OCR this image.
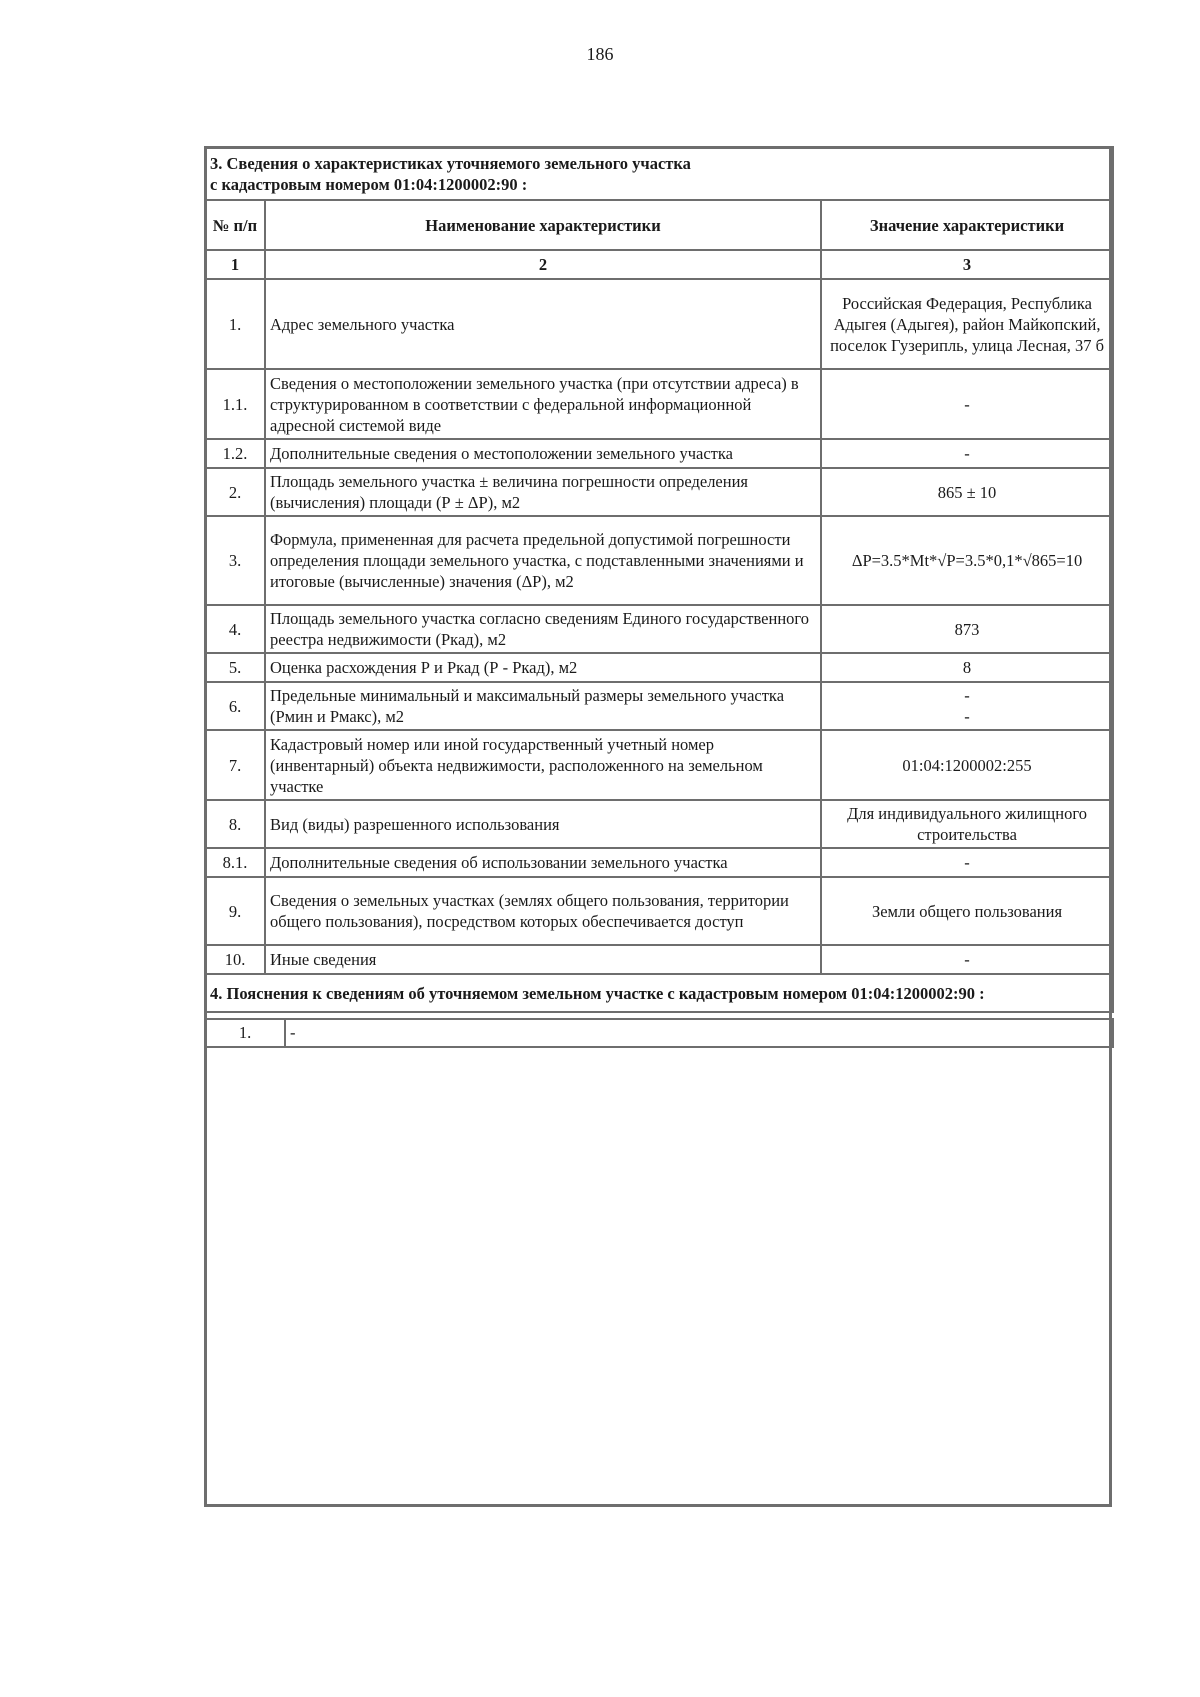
186
3. Сведения о характеристиках уточняемого земельного участка
с кадастровым номером 01:04:1200002:90 :		
№ п/п	Наименование характеристики	Значение характеристики
1	2	3
1.	Адрес земельного участка	Российская Федерация, Республика Адыгея (Адыгея), район Майкопский, поселок Гузерипль, улица Лесная, 37 б
1.1.	Сведения о местоположении земельного участка (при отсутствии адреса) в структурированном в соответствии с федеральной информационной адресной системой виде	-
1.2.	Дополнительные сведения о местоположении земельного участка	-
2.	Площадь земельного участка ± величина погрешности определения (вычисления) площади (Р ± ΔР), м2	865 ± 10
3.	Формула, примененная для расчета предельной допустимой погрешности определения площади земельного участка, с подставленными значениями и итоговые (вычисленные) значения (ΔР), м2	ΔР=3.5*Mt*√P=3.5*0,1*√865=10
4.	Площадь земельного участка согласно сведениям Единого государственного реестра недвижимости (Ркад), м2	873
5.	Оценка расхождения Р и Ркад (Р - Ркад), м2	8
6.	Предельные минимальный и максимальный размеры земельного участка (Рмин и Рмакс), м2	-
-
7.	Кадастровый номер или иной государственный учетный номер (инвентарный) объекта недвижимости, расположенного на земельном участке	01:04:1200002:255
8.	Вид (виды) разрешенного использования	Для индивидуального жилищного строительства
8.1.	Дополнительные сведения об использовании земельного участка	-
9.	Сведения о земельных участках (землях общего пользования, территории общего пользования), посредством которых обеспечивается доступ	Земли общего пользования
10.	Иные сведения	-
4. Пояснения к сведениям об уточняемом земельном участке с кадастровым номером 01:04:1200002:90 :		
1.	-
